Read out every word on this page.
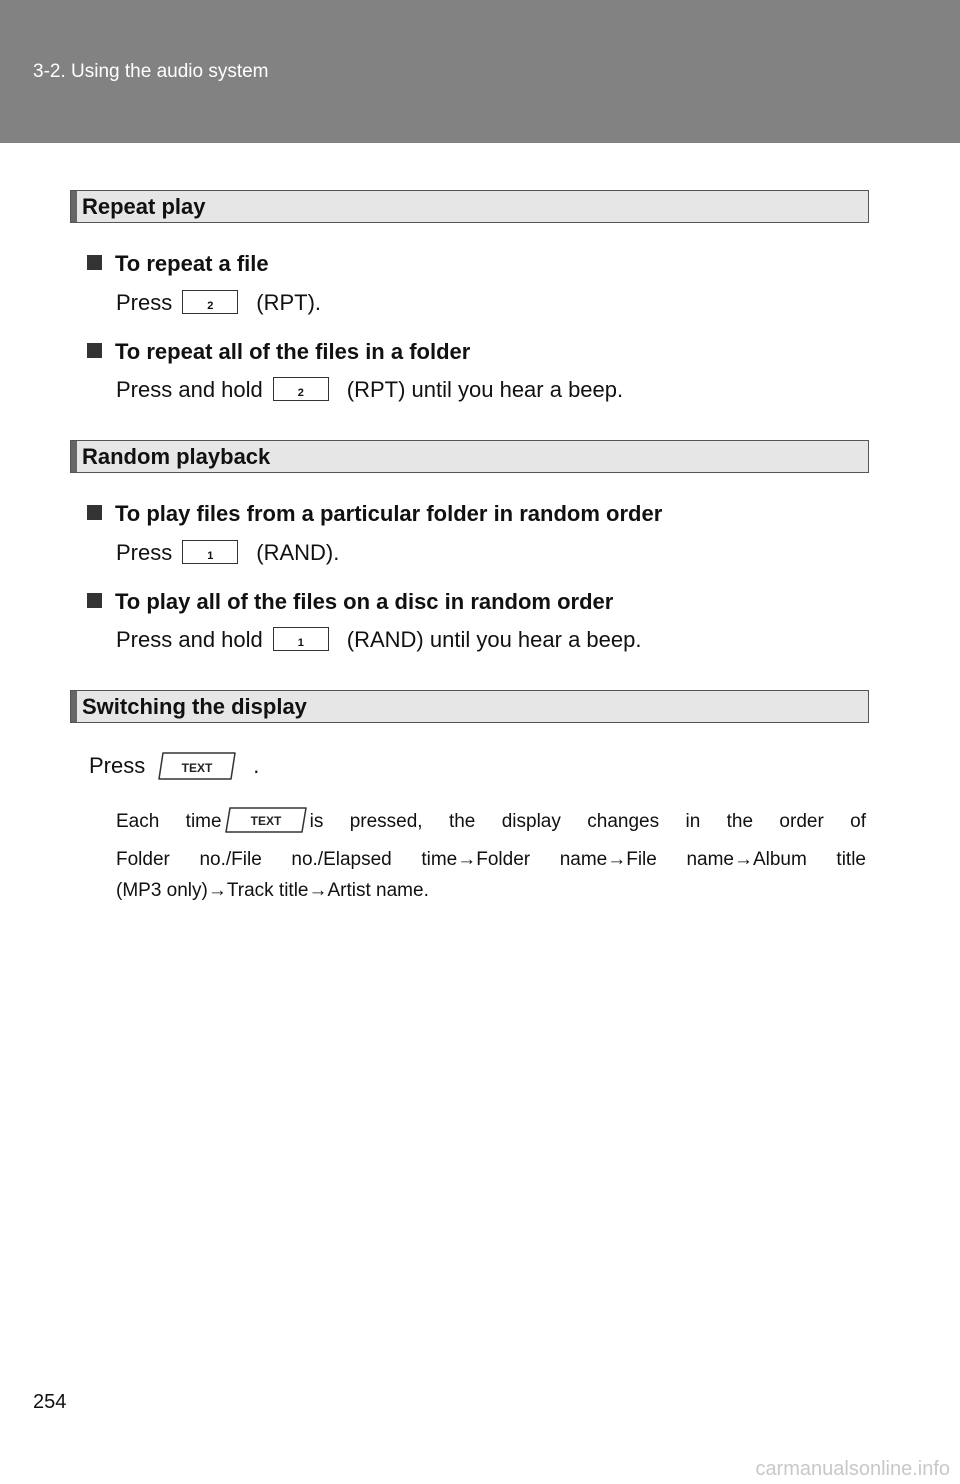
3-2. Using the audio system
Repeat play
To repeat a file
Press	2	(RPT).
To repeat all of the files in a folder
Press and hold	2	(RPT) until you hear a beep.
Random playback
To play files from a particular folder in random order
Press	1	(RAND).
To play all of the files on a disc in random order
Press and hold	1	(RAND) until you hear a beep.
Switching the display
Press	TEXT .
Each time TEXT is pressed, the display changes in the order of
Folder no./File no./Elapsed time→Folder name→File name→Album title
(MP3 only)→Track title→Artist name.
254
carmanualsonline.info
